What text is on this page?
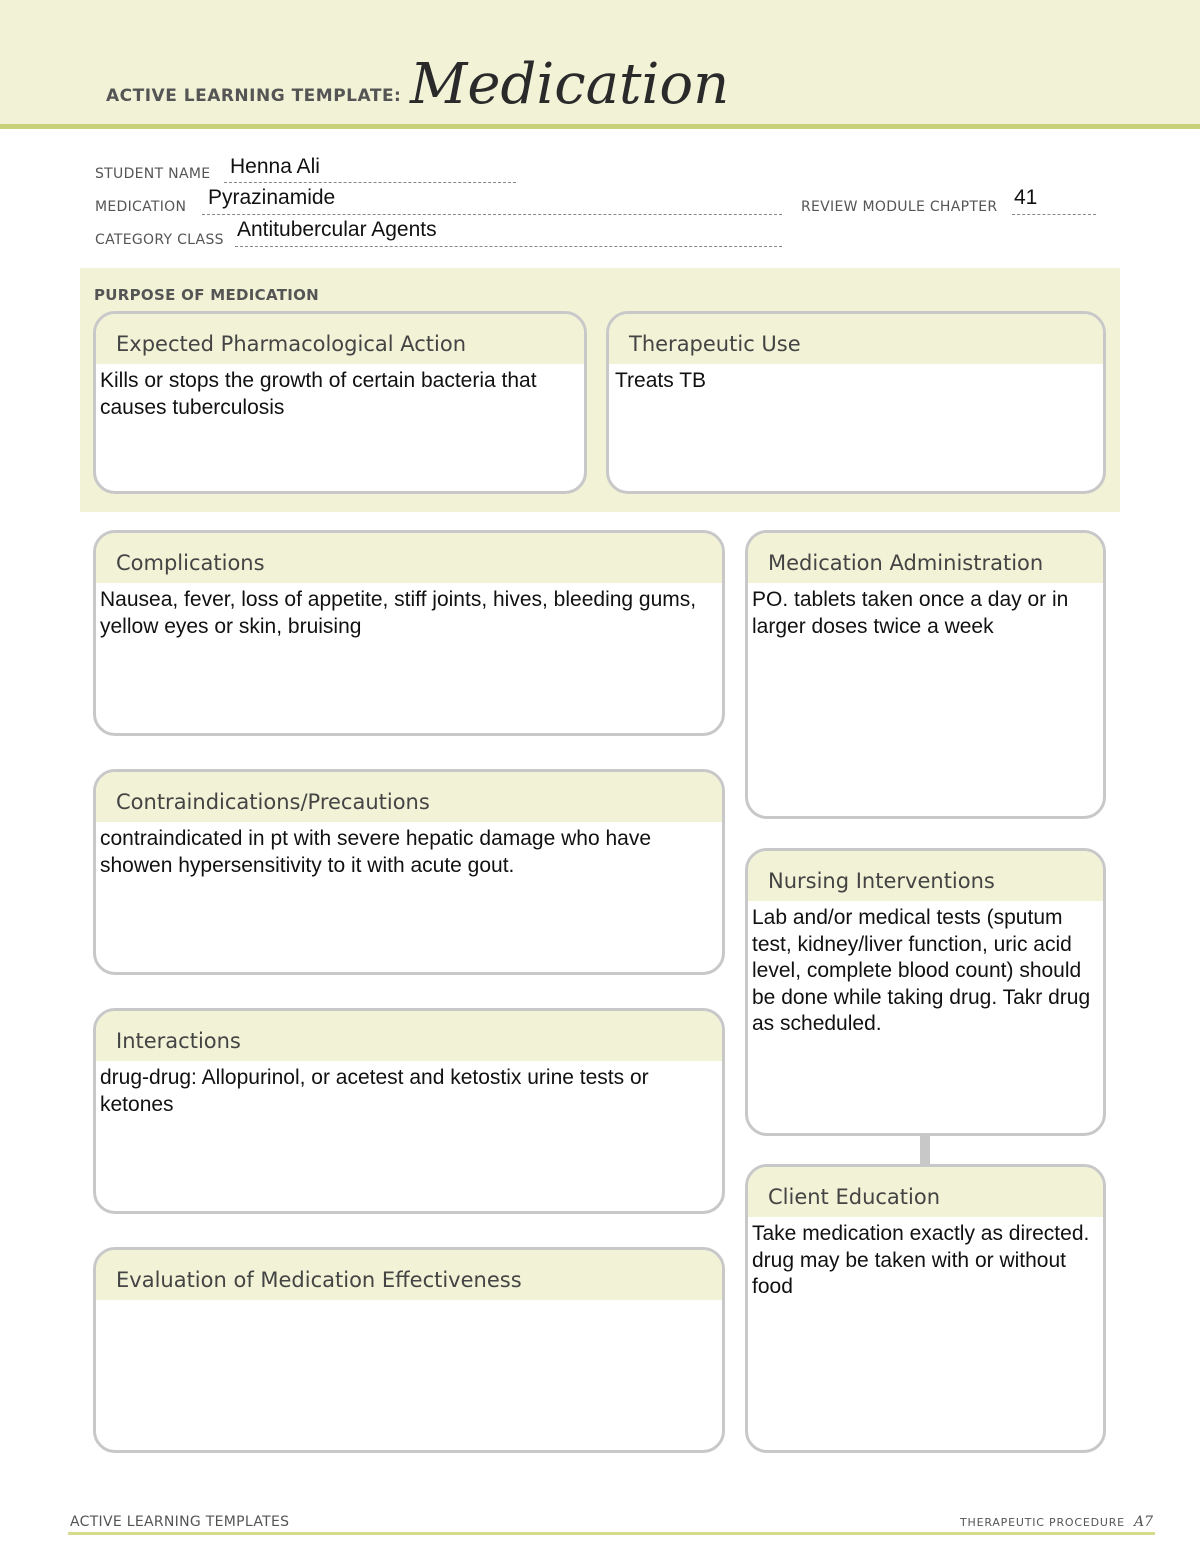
ACTIVE LEARNING TEMPLATE: Medication
STUDENT NAME Henna Ali
MEDICATION Pyrazinamide	REVIEW MODULE CHAPTER 41
CATEGORY CLASS Antitubercular Agents
PURPOSE OF MEDICATION
Expected Pharmacological Action
Kills or stops the growth of certain bacteria that causes tuberculosis
Therapeutic Use
Treats TB
Complications
Nausea, fever, loss of appetite, stiff joints, hives, bleeding gums, yellow eyes or skin, bruising
Contraindications/Precautions
contraindicated in pt with severe hepatic damage who have showen hypersensitivity to it with acute gout.
Interactions
drug-drug: Allopurinol, or acetest and ketostix urine tests or ketones
Evaluation of Medication Effectiveness
Medication Administration
PO. tablets taken once a day or in larger doses twice a week
Nursing Interventions
Lab and/or medical tests (sputum test, kidney/liver function, uric acid level, complete blood count) should be done while taking drug. Takr drug as scheduled.
Client Education
Take medication exactly as directed. drug may be taken with or without food
ACTIVE LEARNING TEMPLATES	THERAPEUTIC PROCEDURE A7
